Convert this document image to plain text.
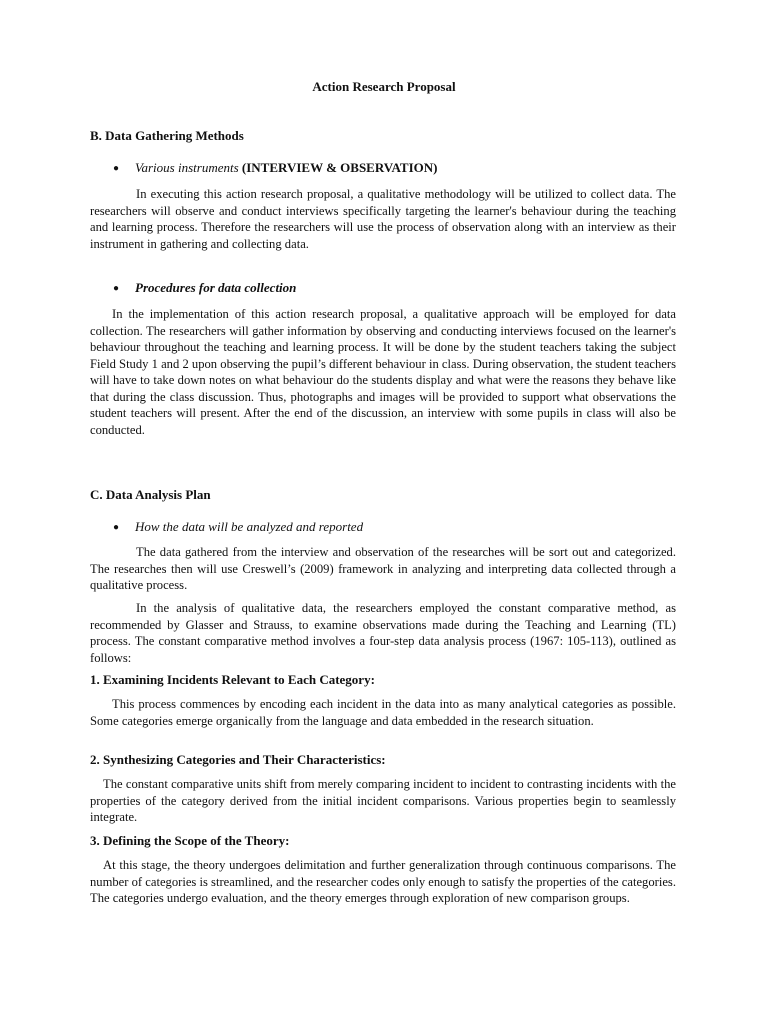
Action Research Proposal

B. Data Gathering Methods

● Various instruments (INTERVIEW & OBSERVATION)

In executing this action research proposal, a qualitative methodology will be utilized to collect data. The researchers will observe and conduct interviews specifically targeting the learner's behaviour during the teaching and learning process. Therefore the researchers will use the process of observation along with an interview as their instrument in gathering and collecting data.

● Procedures for data collection

In the implementation of this action research proposal, a qualitative approach will be employed for data collection. The researchers will gather information by observing and conducting interviews focused on the learner's behaviour throughout the teaching and learning process. It will be done by the student teachers taking the subject Field Study 1 and 2 upon observing the pupil’s different behaviour in class. During observation, the student teachers will have to take down notes on what behaviour do the students display and what were the reasons they behave like that during the class discussion. Thus, photographs and images will be provided to support what observations the student teachers will present. After the end of the discussion, an interview with some pupils in class will also be conducted.

C. Data Analysis Plan

● How the data will be analyzed and reported

The data gathered from the interview and observation of the researches will be sort out and categorized. The researches then will use Creswell’s (2009) framework in analyzing and interpreting data collected through a qualitative process.

In the analysis of qualitative data, the researchers employed the constant comparative method, as recommended by Glasser and Strauss, to examine observations made during the Teaching and Learning (TL) process. The constant comparative method involves a four-step data analysis process (1967: 105-113), outlined as follows:

1. Examining Incidents Relevant to Each Category:

This process commences by encoding each incident in the data into as many analytical categories as possible. Some categories emerge organically from the language and data embedded in the research situation.

2. Synthesizing Categories and Their Characteristics:

The constant comparative units shift from merely comparing incident to incident to contrasting incidents with the properties of the category derived from the initial incident comparisons. Various properties begin to seamlessly integrate.

3. Defining the Scope of the Theory:

At this stage, the theory undergoes delimitation and further generalization through continuous comparisons. The number of categories is streamlined, and the researcher codes only enough to satisfy the properties of the categories. The categories undergo evaluation, and the theory emerges through exploration of new comparison groups.
